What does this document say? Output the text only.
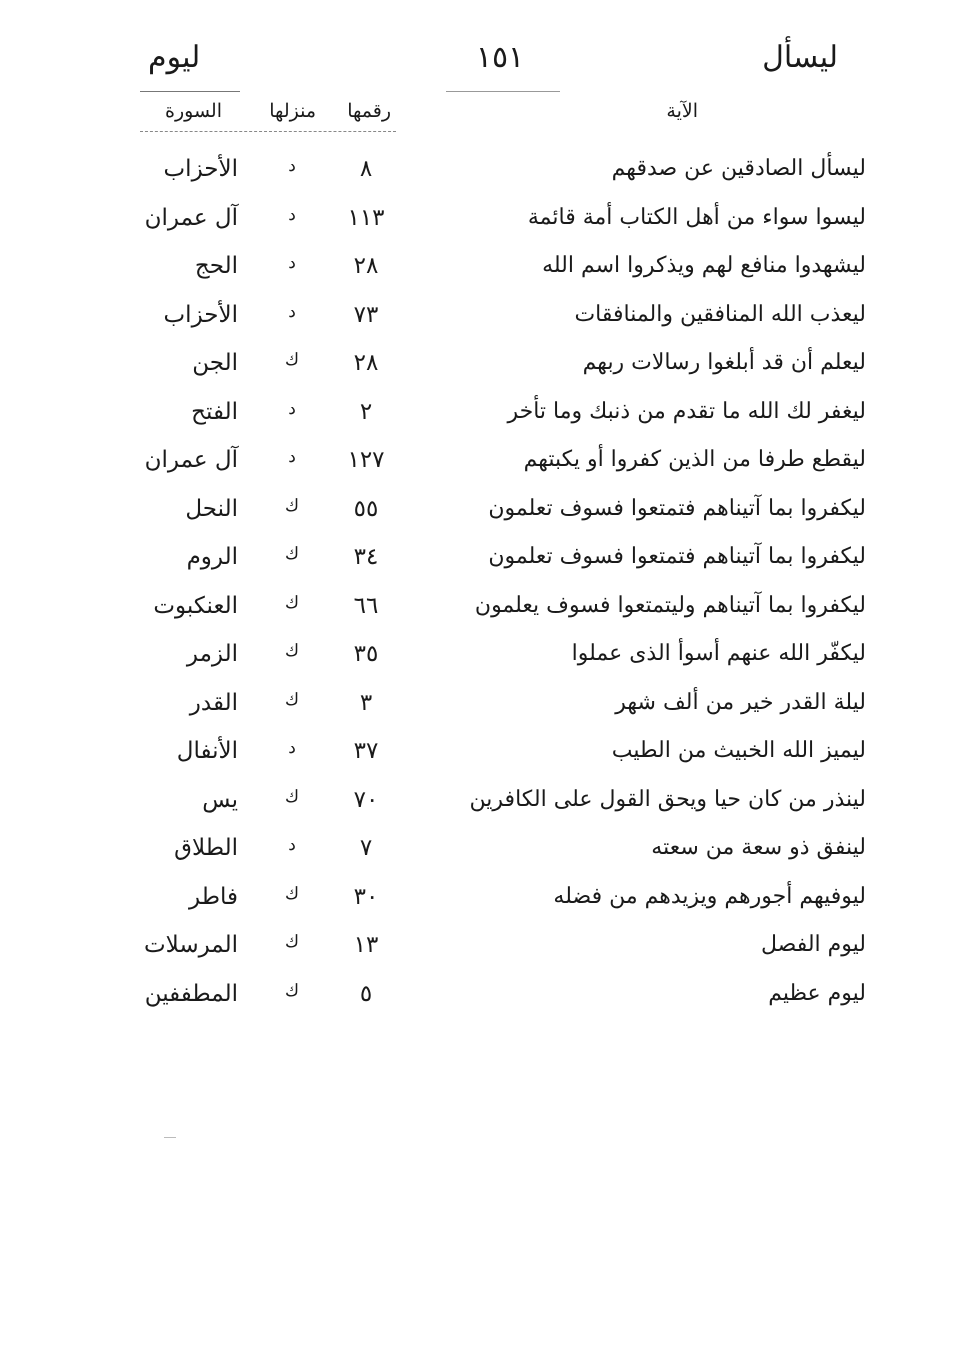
ليسأل
١٥١
ليوم
الآية
رقمها
منزلها
السورة
ليسأل الصادقين عن صدقهم
٨
د
الأحزاب
ليسوا سواء من أهل الكتاب أمة قائمة
١١٣
د
آل عمران
ليشهدوا منافع لهم ويذكروا اسم الله
٢٨
د
الحج
ليعذب الله المنافقين والمنافقات
٧٣
د
الأحزاب
ليعلم أن قد أبلغوا رسالات ربهم
٢٨
ك
الجن
ليغفر لك الله ما تقدم من ذنبك وما تأخر
٢
د
الفتح
ليقطع طرفا من الذين كفروا أو يكبتهم
١٢٧
د
آل عمران
ليكفروا بما آتيناهم فتمتعوا فسوف تعلمون
٥٥
ك
النحل
ليكفروا بما آتيناهم فتمتعوا فسوف تعلمون
٣٤
ك
الروم
ليكفروا بما آتيناهم وليتمتعوا فسوف يعلمون
٦٦
ك
العنكبوت
ليكفّر الله عنهم أسوأ الذى عملوا
٣٥
ك
الزمر
ليلة القدر خير من ألف شهر
٣
ك
القدر
ليميز الله الخبيث من الطيب
٣٧
د
الأنفال
لينذر من كان حيا ويحق القول على الكافرين
٧٠
ك
يس
لينفق ذو سعة من سعته
٧
د
الطلاق
ليوفيهم أجورهم ويزيدهم من فضله
٣٠
ك
فاطر
ليوم الفصل
١٣
ك
المرسلات
ليوم عظيم
٥
ك
المطففين
